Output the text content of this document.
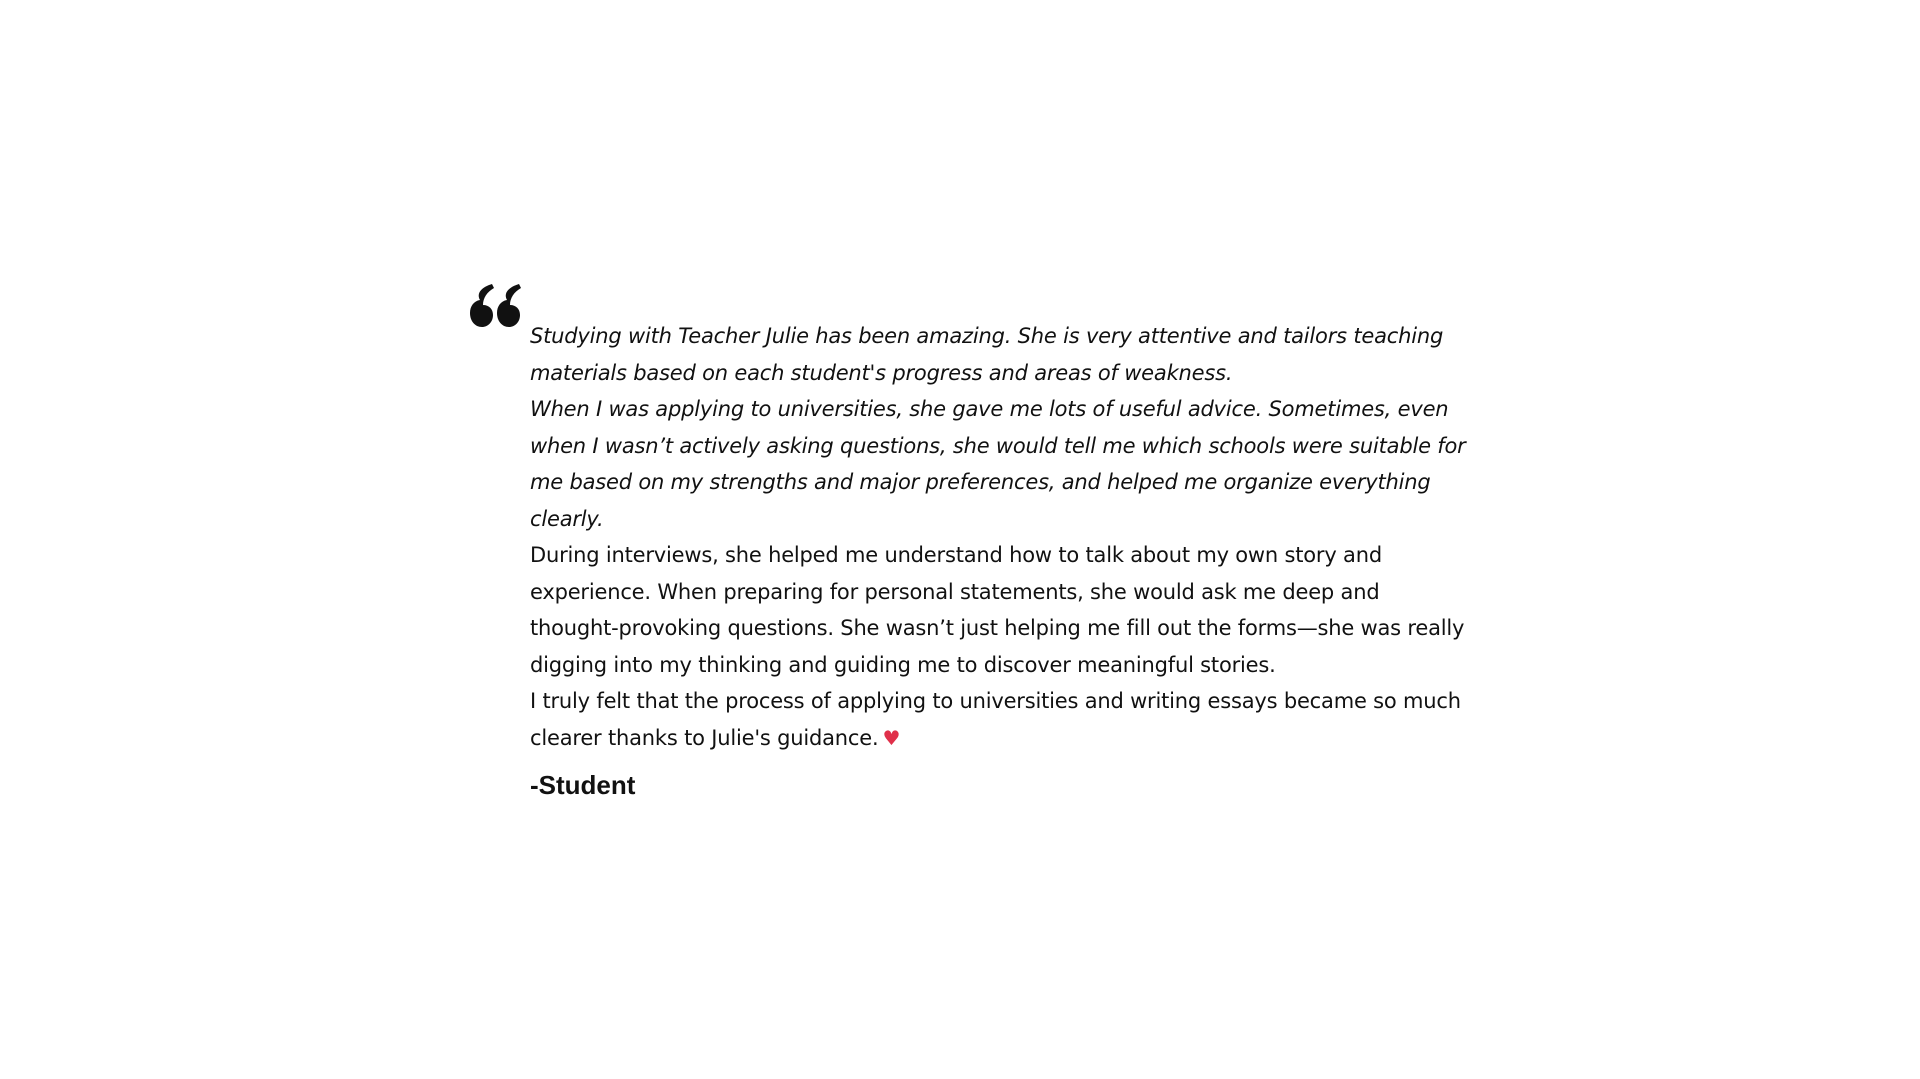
Studying with Teacher Julie has been amazing. She is very attentive and tailors teaching materials based on each student's progress and areas of weakness.

When I was applying to universities, she gave me lots of useful advice. Sometimes, even when I wasn’t actively asking questions, she would tell me which schools were suitable for me based on my strengths and major preferences, and helped me organize everything clearly.

During interviews, she helped me understand how to talk about my own story and experience. When preparing for personal statements, she would ask me deep and thought-provoking questions. She wasn’t just helping me fill out the forms—she was really digging into my thinking and guiding me to discover meaningful stories.

I truly felt that the process of applying to universities and writing essays became so much clearer thanks to Julie's guidance. ♥

-Student
